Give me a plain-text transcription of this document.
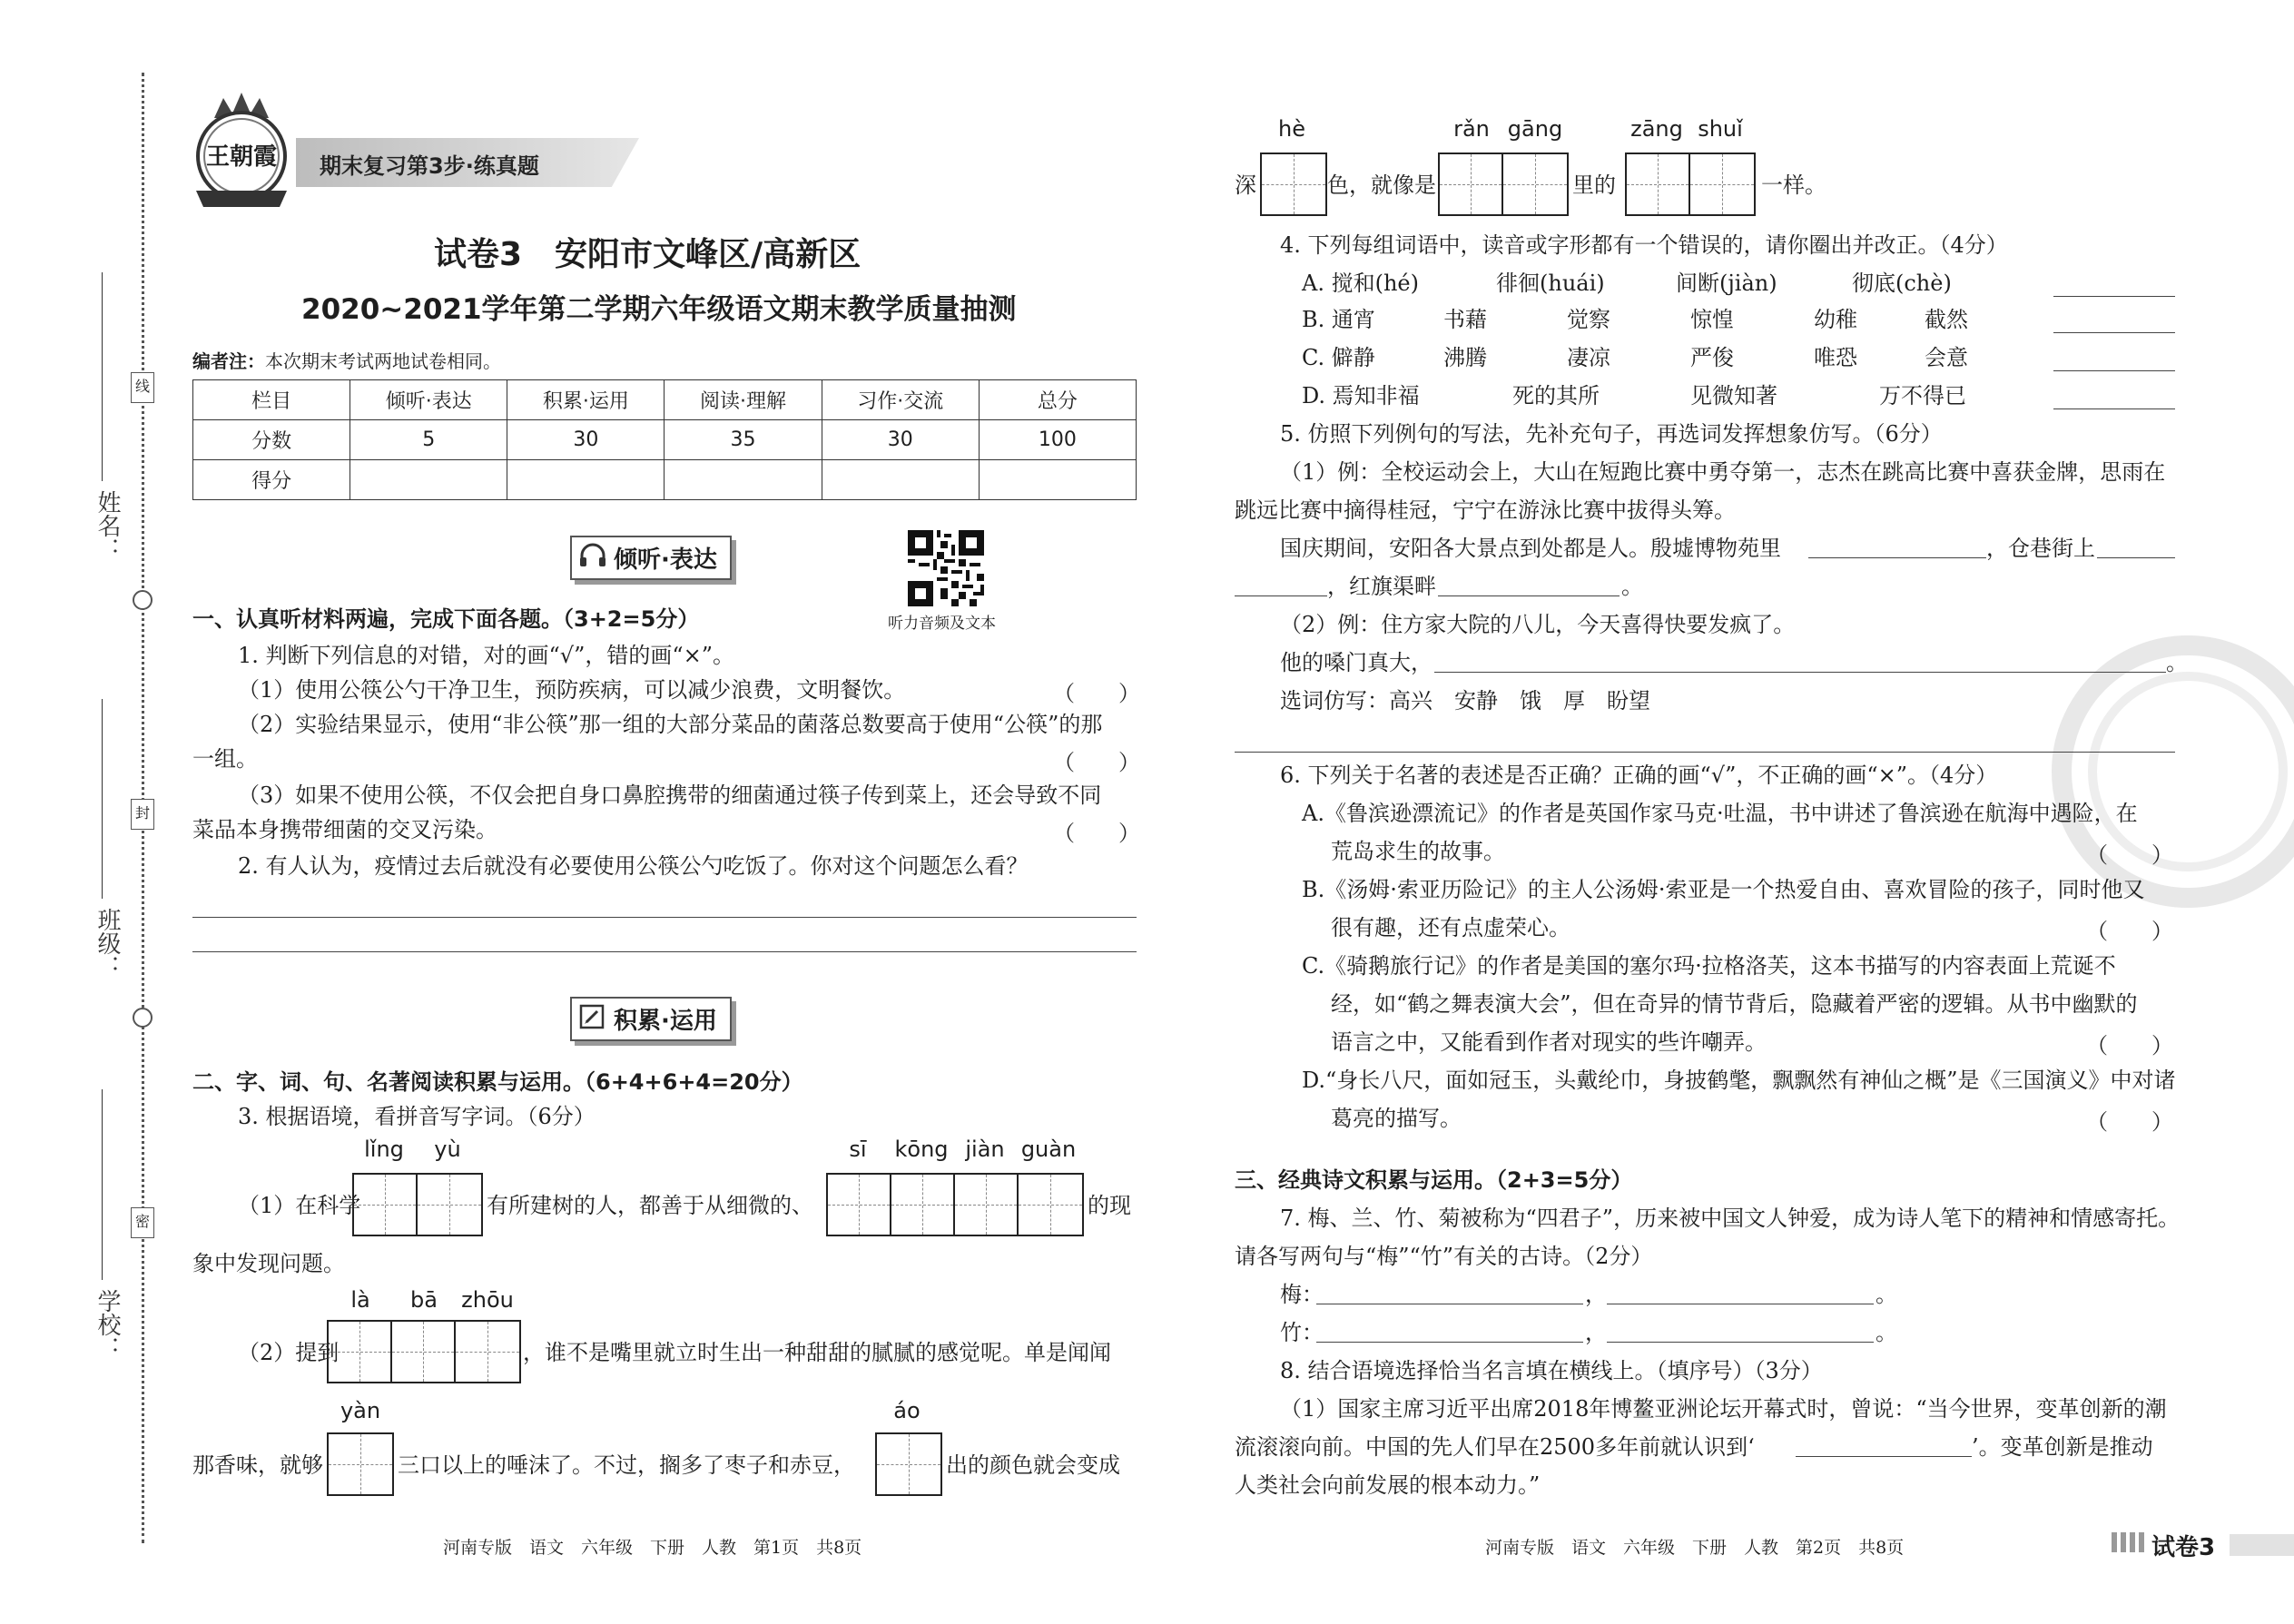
线
封
密
姓名：
班级：
学校：
王朝霞 期末复习第3步·练真题
试卷3　安阳市文峰区/高新区
2020~2021学年第二学期六年级语文期末教学质量抽测
编者注：本次期末考试两地试卷相同。
栏目	倾听·表达	积累·运用	阅读·理解	习作·交流	总分
分数	5	30	35	30	100
得分					
倾听·表达
听力音频及文本
一、认真听材料两遍，完成下面各题。（3+2=5分）
1. 判断下列信息的对错，对的画“√”，错的画“×”。
（1）使用公筷公勺干净卫生，预防疾病，可以减少浪费，文明餐饮。	（　　）
（2）实验结果显示，使用“非公筷”那一组的大部分菜品的菌落总数要高于使用“公筷”的那
一组。	（　　）
（3）如果不使用公筷，不仅会把自身口鼻腔携带的细菌通过筷子传到菜上，还会导致不同
菜品本身携带细菌的交叉污染。	（　　）
2. 有人认为，疫情过去后就没有必要使用公筷公勺吃饭了。你对这个问题怎么看？
积累·运用
二、字、词、句、名著阅读积累与运用。（6+4+6+4=20分）
3. 根据语境，看拼音写字词。（6分）
lǐng	yù
（1）在科学	有所建树的人，都善于从细微的、
sī	kōng jiàn guàn
的现
象中发现问题。
là	bā	zhōu
（2）提到	，谁不是嘴里就立时生出一种甜甜的腻腻的感觉呢。单是闻闻
yàn
那香味，就够	三口以上的唾沫了。不过，搁多了枣子和赤豆，
áo
出的颜色就会变成
河南专版　语文　六年级　下册　人教　第1页　共8页
hè	rǎn gāng	zāng shuǐ
深	色，就像是	里的	一样。
4. 下列每组词语中，读音或字形都有一个错误的，请你圈出并改正。（4分）
A. 搅和(hé)	徘徊(huái)	间断(jiàn)	彻底(chè)
B. 通宵	书藉	觉察	惊惶	幼稚	截然
C. 僻静	沸腾	凄凉	严俊	唯恐	会意
D. 焉知非福	死的其所	见微知著	万不得已
5. 仿照下列例句的写法，先补充句子，再选词发挥想象仿写。（6分）
（1）例：全校运动会上，大山在短跑比赛中勇夺第一，志杰在跳高比赛中喜获金牌，思雨在
跳远比赛中摘得桂冠，宁宁在游泳比赛中拔得头筹。
国庆期间，安阳各大景点到处都是人。殷墟博物苑里	，仓巷街上
，红旗渠畔	。
（2）例：住方家大院的八儿，今天喜得快要发疯了。
他的嗓门真大，	。
选词仿写：高兴　安静　饿　厚　盼望
6. 下列关于名著的表述是否正确？正确的画“√”，不正确的画“×”。（4分）
A.《鲁滨逊漂流记》的作者是英国作家马克·吐温，书中讲述了鲁滨逊在航海中遇险，在
荒岛求生的故事。	（　　）
B.《汤姆·索亚历险记》的主人公汤姆·索亚是一个热爱自由、喜欢冒险的孩子，同时他又
很有趣，还有点虚荣心。	（　　）
C.《骑鹅旅行记》的作者是美国的塞尔玛·拉格洛芙，这本书描写的内容表面上荒诞不
经，如“鹤之舞表演大会”，但在奇异的情节背后，隐藏着严密的逻辑。从书中幽默的
语言之中，又能看到作者对现实的些许嘲弄。	（　　）
D.“身长八尺，面如冠玉，头戴纶巾，身披鹤氅，飘飘然有神仙之概”是《三国演义》中对诸
葛亮的描写。	（　　）
三、经典诗文积累与运用。（2+3=5分）
7. 梅、兰、竹、菊被称为“四君子”，历来被中国文人钟爱，成为诗人笔下的精神和情感寄托。
请各写两句与“梅”“竹”有关的古诗。（2分）
梅：	，	。
竹：	，	。
8. 结合语境选择恰当名言填在横线上。（填序号）（3分）
（1）国家主席习近平出席2018年博鳌亚洲论坛开幕式时，曾说：“当今世界，变革创新的潮
流滚滚向前。中国的先人们早在2500多年前就认识到‘	’。变革创新是推动
人类社会向前发展的根本动力。”
河南专版　语文　六年级　下册　人教　第2页　共8页	试卷3
